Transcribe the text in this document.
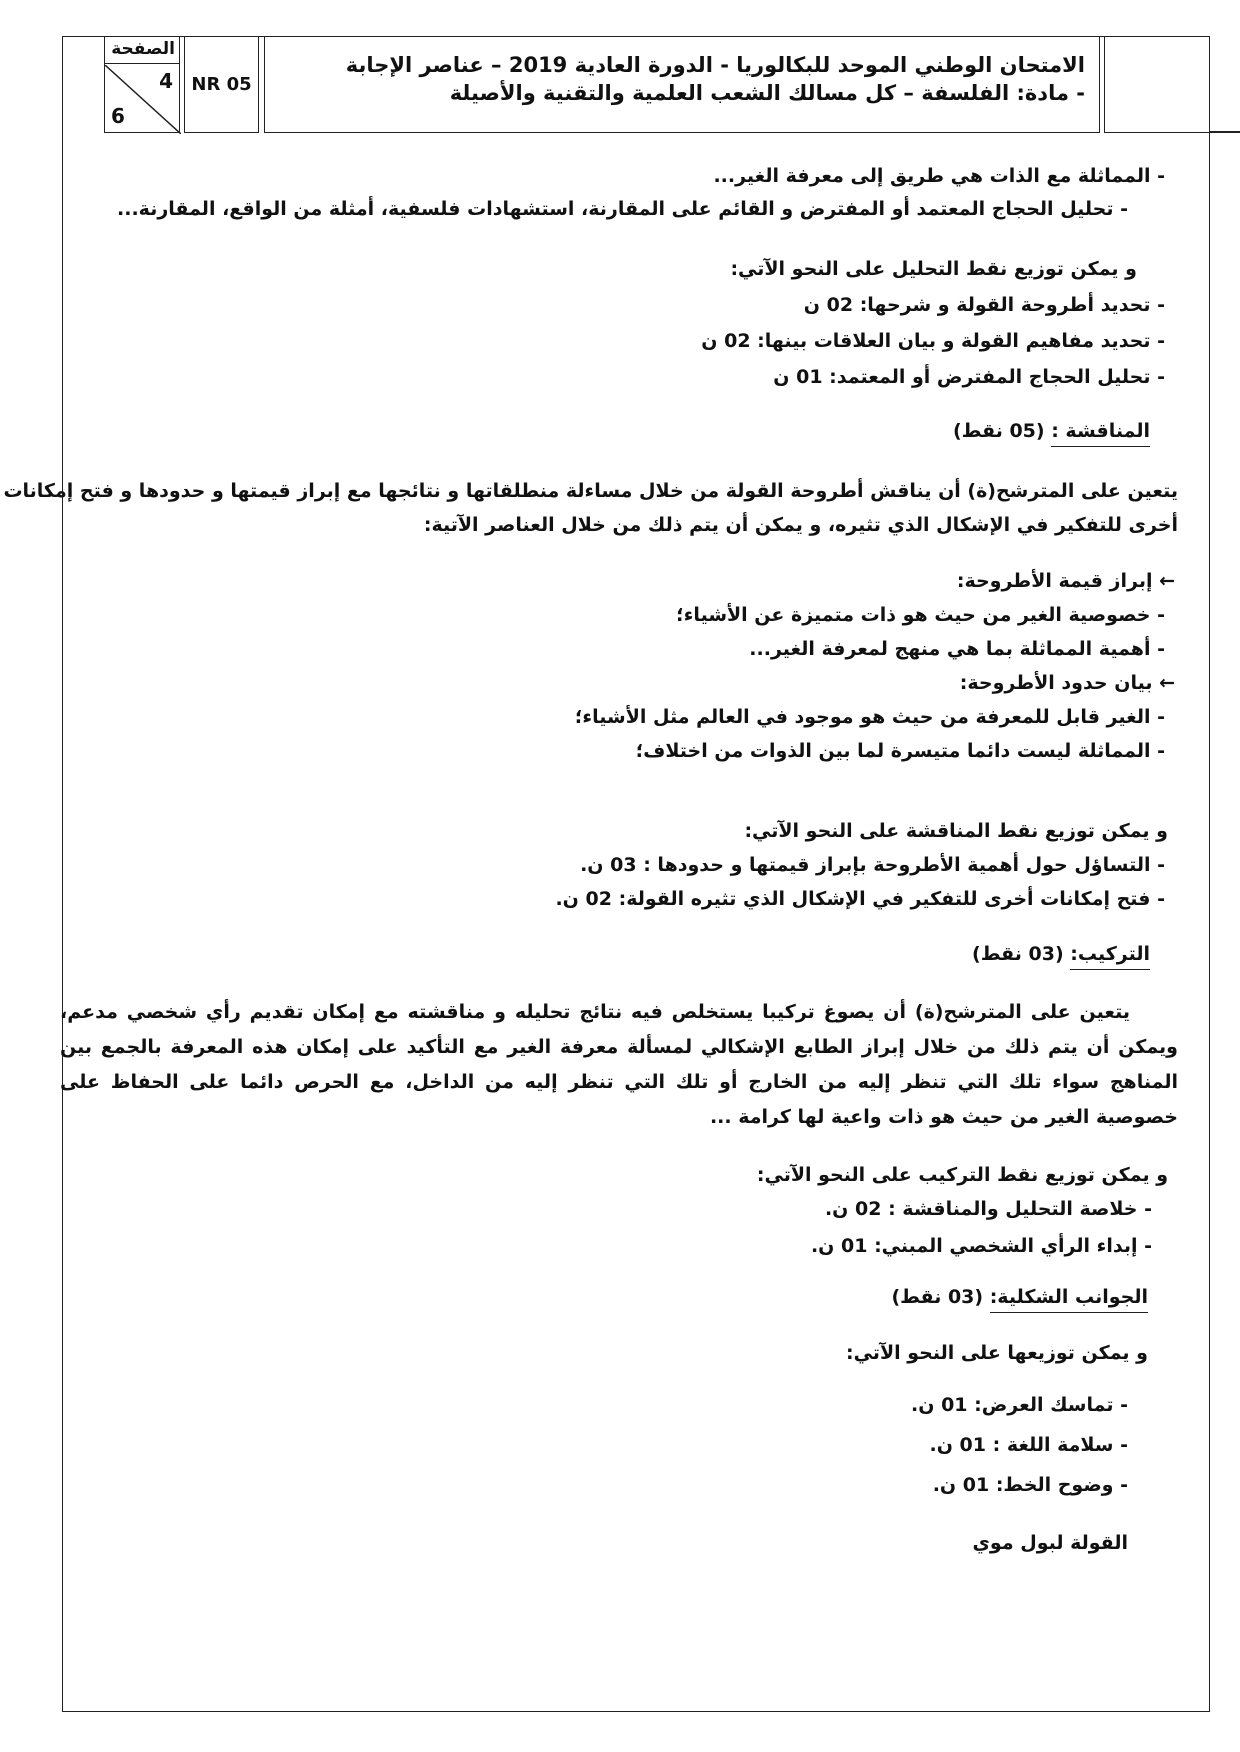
الصفحة
4
6
NR 05
الامتحان الوطني الموحد للبكالوريا - الدورة العادية 2019 – عناصر الإجابة
- مادة: الفلسفة – كل مسالك الشعب العلمية والتقنية والأصيلة
- المماثلة مع الذات هي طريق إلى معرفة الغير...
- تحليل الحجاج المعتمد أو المفترض و القائم على المقارنة، استشهادات فلسفية، أمثلة من الواقع، المقارنة...
و يمكن توزيع نقط التحليل على النحو الآتي:
- تحديد أطروحة القولة و شرحها: 02 ن
- تحديد مفاهيم القولة و بيان العلاقات بينها: 02 ن
- تحليل الحجاج المفترض أو المعتمد: 01 ن
المناقشة : (05 نقط)
يتعين على المترشح(ة) أن يناقش أطروحة القولة من خلال مساءلة منطلقاتها و نتائجها مع إبراز قيمتها و حدودها و فتح إمكانات
أخرى للتفكير في الإشكال الذي تثيره، و يمكن أن يتم ذلك من خلال العناصر الآتية:
← إبراز قيمة الأطروحة:
- خصوصية الغير من حيث هو ذات متميزة عن الأشياء؛
- أهمية المماثلة بما هي منهج لمعرفة الغير...
← بيان حدود الأطروحة:
- الغير قابل للمعرفة من حيث هو موجود في العالم مثل الأشياء؛
- المماثلة ليست دائما متيسرة لما بين الذوات من اختلاف؛
و يمكن توزيع نقط المناقشة على النحو الآتي:
- التساؤل حول أهمية الأطروحة بإبراز قيمتها و حدودها : 03 ن.
- فتح إمكانات أخرى للتفكير في الإشكال الذي تثيره القولة: 02 ن.
التركيب: (03 نقط)
يتعين على المترشح(ة) أن يصوغ تركيبا يستخلص فيه نتائج تحليله و مناقشته مع إمكان تقديم رأي شخصي مدعم، ويمكن أن يتم ذلك من خلال إبراز الطابع الإشكالي لمسألة معرفة الغير مع التأكيد على إمكان هذه المعرفة بالجمع بين المناهج سواء تلك التي تنظر إليه من الخارج أو تلك التي تنظر إليه من الداخل، مع الحرص دائما على الحفاظ على خصوصية الغير من حيث هو ذات واعية لها كرامة ...
و يمكن توزيع نقط التركيب على النحو الآتي:
- خلاصة التحليل والمناقشة : 02 ن.
- إبداء الرأي الشخصي المبني: 01 ن.
الجوانب الشكلية: (03 نقط)
و يمكن توزيعها على النحو الآتي:
- تماسك العرض: 01 ن.
- سلامة اللغة : 01 ن.
- وضوح الخط: 01 ن.
القولة لبول موي
